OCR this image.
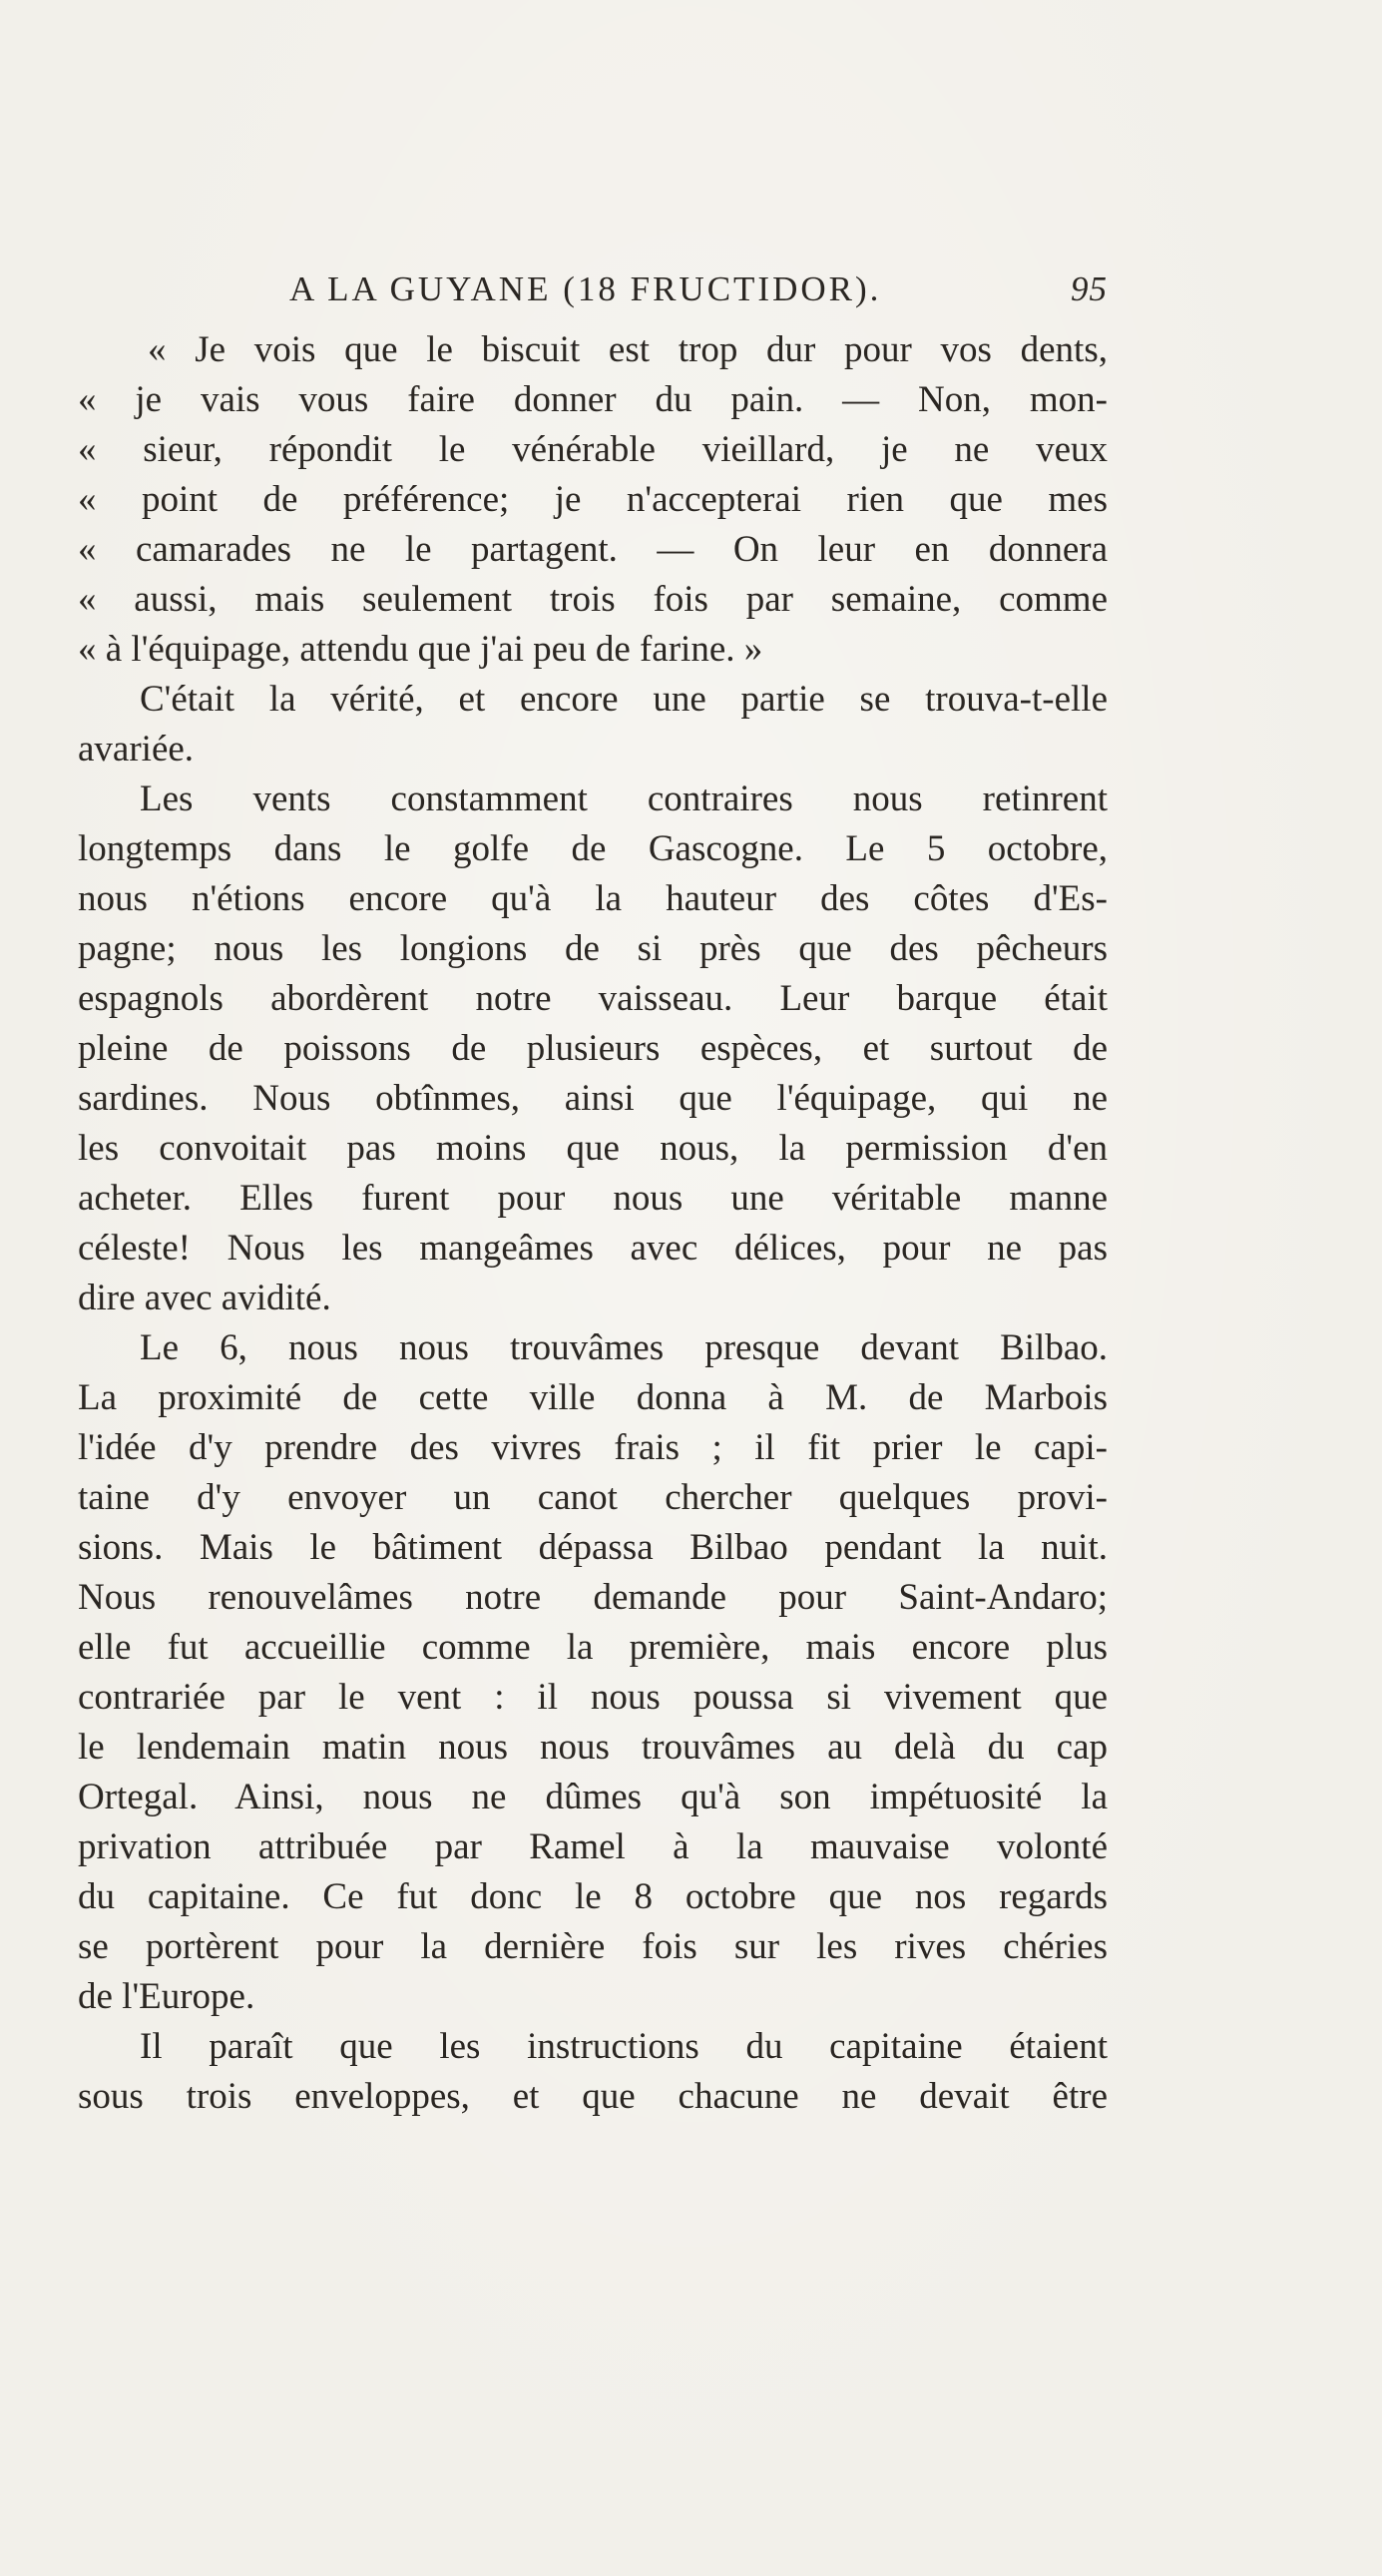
A LA GUYANE (18 FRUCTIDOR).	95
« Je vois que le biscuit est trop dur pour vos dents,
« je vais vous faire donner du pain. — Non, mon-
« sieur, répondit le vénérable vieillard, je ne veux
« point de préférence; je n'accepterai rien que mes
« camarades ne le partagent. — On leur en donnera
« aussi, mais seulement trois fois par semaine, comme
« à l'équipage, attendu que j'ai peu de farine. »
C'était la vérité, et encore une partie se trouva-t-elle
avariée.
Les vents constamment contraires nous retinrent
longtemps dans le golfe de Gascogne. Le 5 octobre,
nous n'étions encore qu'à la hauteur des côtes d'Es-
pagne; nous les longions de si près que des pêcheurs
espagnols abordèrent notre vaisseau. Leur barque était
pleine de poissons de plusieurs espèces, et surtout de
sardines. Nous obtînmes, ainsi que l'équipage, qui ne
les convoitait pas moins que nous, la permission d'en
acheter. Elles furent pour nous une véritable manne
céleste! Nous les mangeâmes avec délices, pour ne pas
dire avec avidité.
Le 6, nous nous trouvâmes presque devant Bilbao.
La proximité de cette ville donna à M. de Marbois
l'idée d'y prendre des vivres frais ; il fit prier le capi-
taine d'y envoyer un canot chercher quelques provi-
sions. Mais le bâtiment dépassa Bilbao pendant la nuit.
Nous renouvelâmes notre demande pour Saint-Andaro;
elle fut accueillie comme la première, mais encore plus
contrariée par le vent : il nous poussa si vivement que
le lendemain matin nous nous trouvâmes au delà du cap
Ortegal. Ainsi, nous ne dûmes qu'à son impétuosité la
privation attribuée par Ramel à la mauvaise volonté
du capitaine. Ce fut donc le 8 octobre que nos regards
se portèrent pour la dernière fois sur les rives chéries
de l'Europe.
Il paraît que les instructions du capitaine étaient
sous trois enveloppes, et que chacune ne devait être
